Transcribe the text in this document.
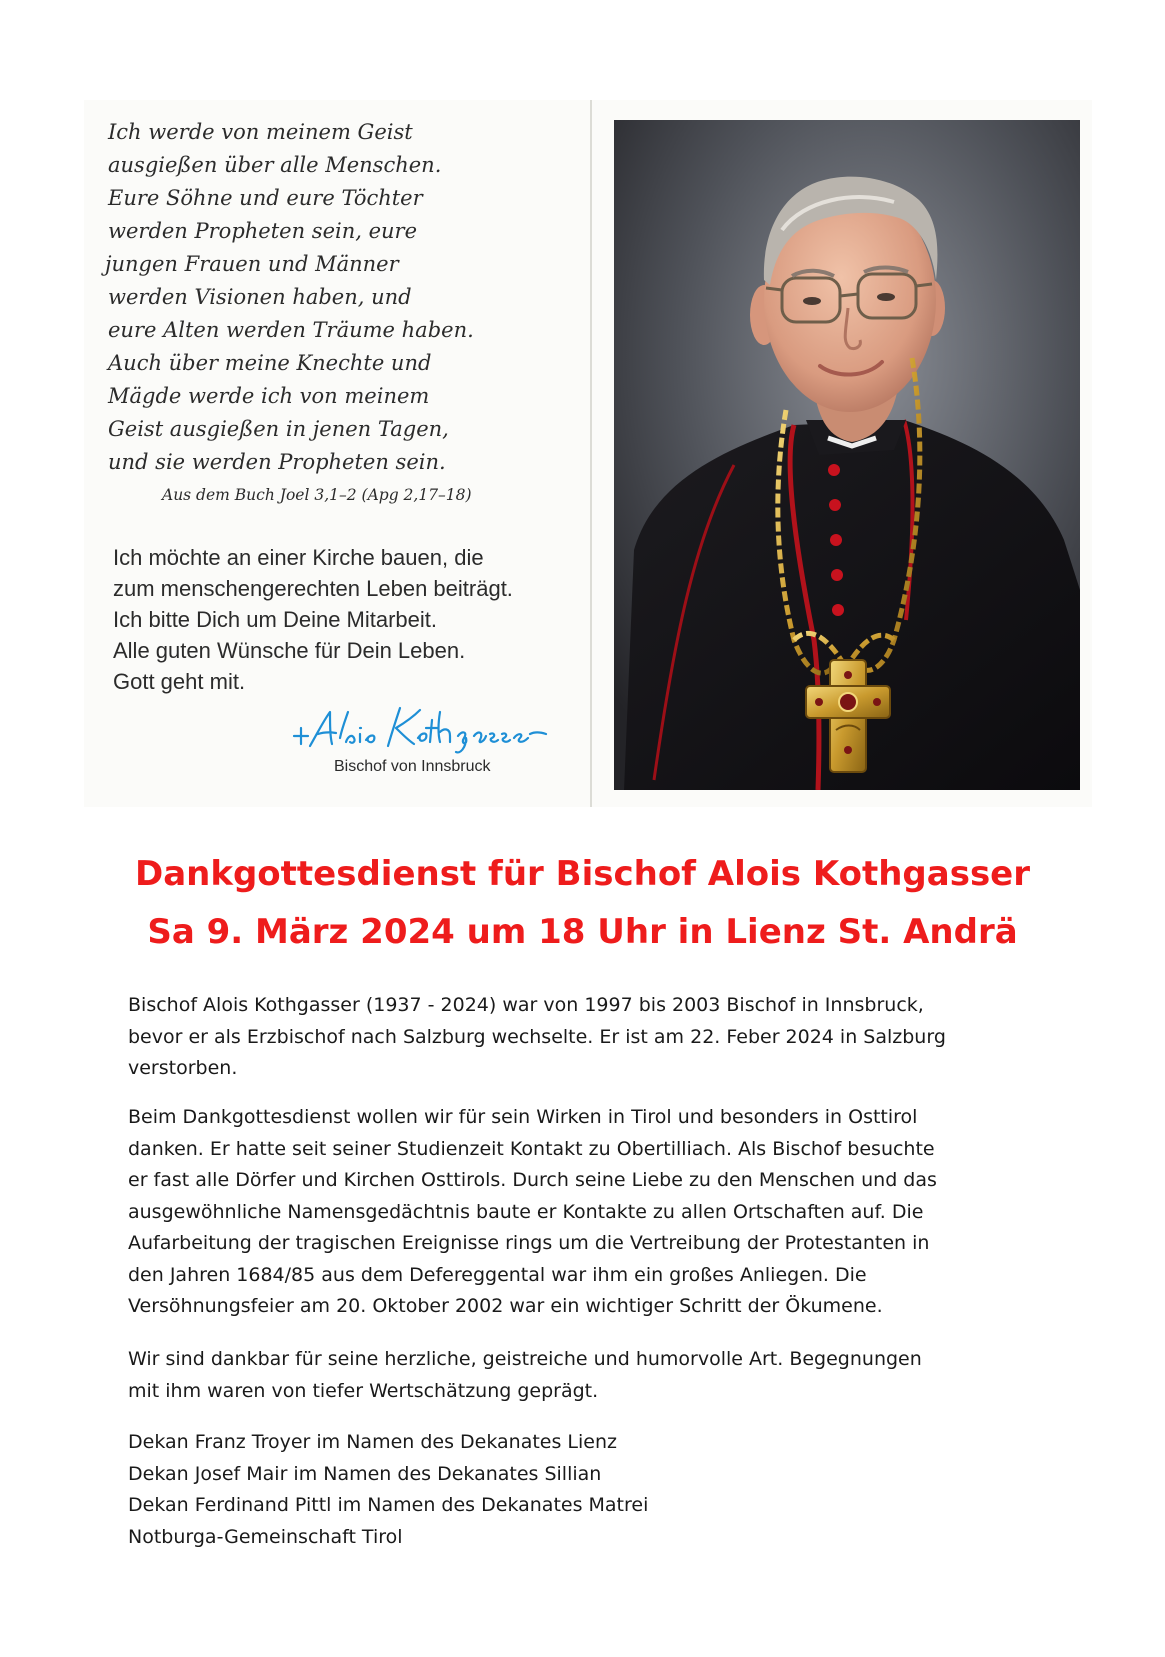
Ich werde von meinem Geist
ausgießen über alle Menschen.
Eure Söhne und eure Töchter
werden Propheten sein, eure
jungen Frauen und Männer
werden Visionen haben, und
eure Alten werden Träume haben.
Auch über meine Knechte und
Mägde werde ich von meinem
Geist ausgießen in jenen Tagen,
und sie werden Propheten sein.
Aus dem Buch Joel 3,1–2 (Apg 2,17–18)
Ich möchte an einer Kirche bauen, die
zum menschengerechten Leben beiträgt.
Ich bitte Dich um Deine Mitarbeit.
Alle guten Wünsche für Dein Leben.
Gott geht mit.
Bischof von Innsbruck
Dankgottesdienst für Bischof Alois Kothgasser
Sa 9. März 2024 um 18 Uhr in Lienz St. Andrä
Bischof Alois Kothgasser (1937 - 2024) war von 1997 bis 2003 Bischof in Innsbruck,
bevor er als Erzbischof nach Salzburg wechselte. Er ist am 22. Feber 2024 in Salzburg
verstorben.
Beim Dankgottesdienst wollen wir für sein Wirken in Tirol und besonders in Osttirol
danken. Er hatte seit seiner Studienzeit Kontakt zu Obertilliach. Als Bischof besuchte
er fast alle Dörfer und Kirchen Osttirols. Durch seine Liebe zu den Menschen und das
ausgewöhnliche Namensgedächtnis baute er Kontakte zu allen Ortschaften auf. Die
Aufarbeitung der tragischen Ereignisse rings um die Vertreibung der Protestanten in
den Jahren 1684/85 aus dem Defereggental war ihm ein großes Anliegen. Die
Versöhnungsfeier am 20. Oktober 2002 war ein wichtiger Schritt der Ökumene.
Wir sind dankbar für seine herzliche, geistreiche und humorvolle Art. Begegnungen
mit ihm waren von tiefer Wertschätzung geprägt.
Dekan Franz Troyer im Namen des Dekanates Lienz
Dekan Josef Mair im Namen des Dekanates Sillian
Dekan Ferdinand Pittl im Namen des Dekanates Matrei
Notburga-Gemeinschaft Tirol
